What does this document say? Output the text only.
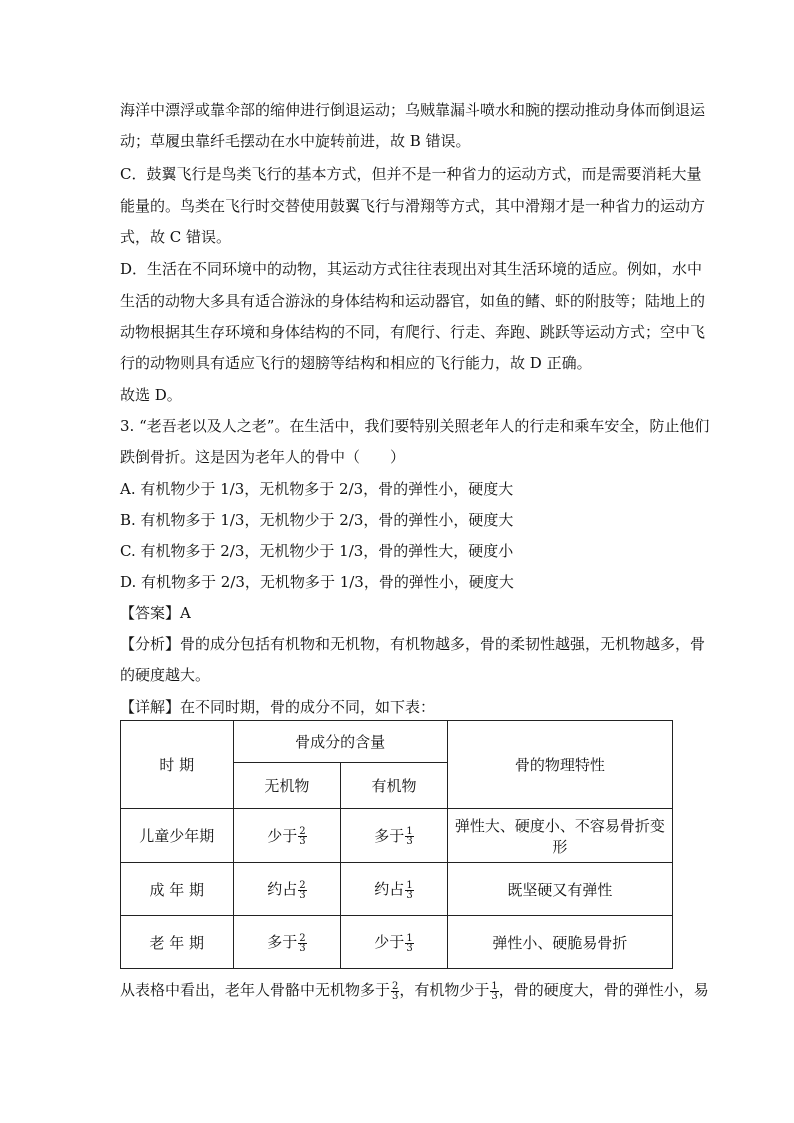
海洋中漂浮或靠伞部的缩伸进行倒退运动；乌贼靠漏斗喷水和腕的摆动推动身体而倒退运
动；草履虫靠纤毛摆动在水中旋转前进，故 B 错误。
C．鼓翼飞行是鸟类飞行的基本方式，但并不是一种省力的运动方式，而是需要消耗大量
能量的。鸟类在飞行时交替使用鼓翼飞行与滑翔等方式，其中滑翔才是一种省力的运动方
式，故 C 错误。
D．生活在不同环境中的动物，其运动方式往往表现出对其生活环境的适应。例如，水中
生活的动物大多具有适合游泳的身体结构和运动器官，如鱼的鳍、虾的附肢等；陆地上的
动物根据其生存环境和身体结构的不同，有爬行、行走、奔跑、跳跃等运动方式；空中飞
行的动物则具有适应飞行的翅膀等结构和相应的飞行能力，故 D 正确。
故选 D。
3. “老吾老以及人之老”。在生活中，我们要特别关照老年人的行走和乘车安全，防止他们
跌倒骨折。这是因为老年人的骨中（　　）
A. 有机物少于 1/3，无机物多于 2/3，骨的弹性小，硬度大
B. 有机物多于 1/3，无机物少于 2/3，骨的弹性小，硬度大
C. 有机物多于 2/3，无机物少于 1/3，骨的弹性大，硬度小
D. 有机物多于 2/3，无机物多于 1/3，骨的弹性小，硬度大
【答案】A
【分析】骨的成分包括有机物和无机物，有机物越多，骨的柔韧性越强，无机物越多，骨
的硬度越大。
【详解】在不同时期，骨的成分不同，如下表：
时 期	骨成分的含量		骨的物理特性
	无机物	有机物	
儿童少年期	少于 $\frac{2}{3}$	多于 $\frac{1}{3}$	弹性大、硬度小、不容易骨折变形
成 年 期	约占 $\frac{2}{3}$	约占 $\frac{1}{3}$	既坚硬又有弹性
老 年 期	多于 $\frac{2}{3}$	少于 $\frac{1}{3}$	弹性小、硬脆易骨折
从表格中看出，老年人骨骼中无机物多于 $\frac{2}{3}$ ，有机物少于 $\frac{1}{3}$ ，骨的硬度大，骨的弹性小，易
